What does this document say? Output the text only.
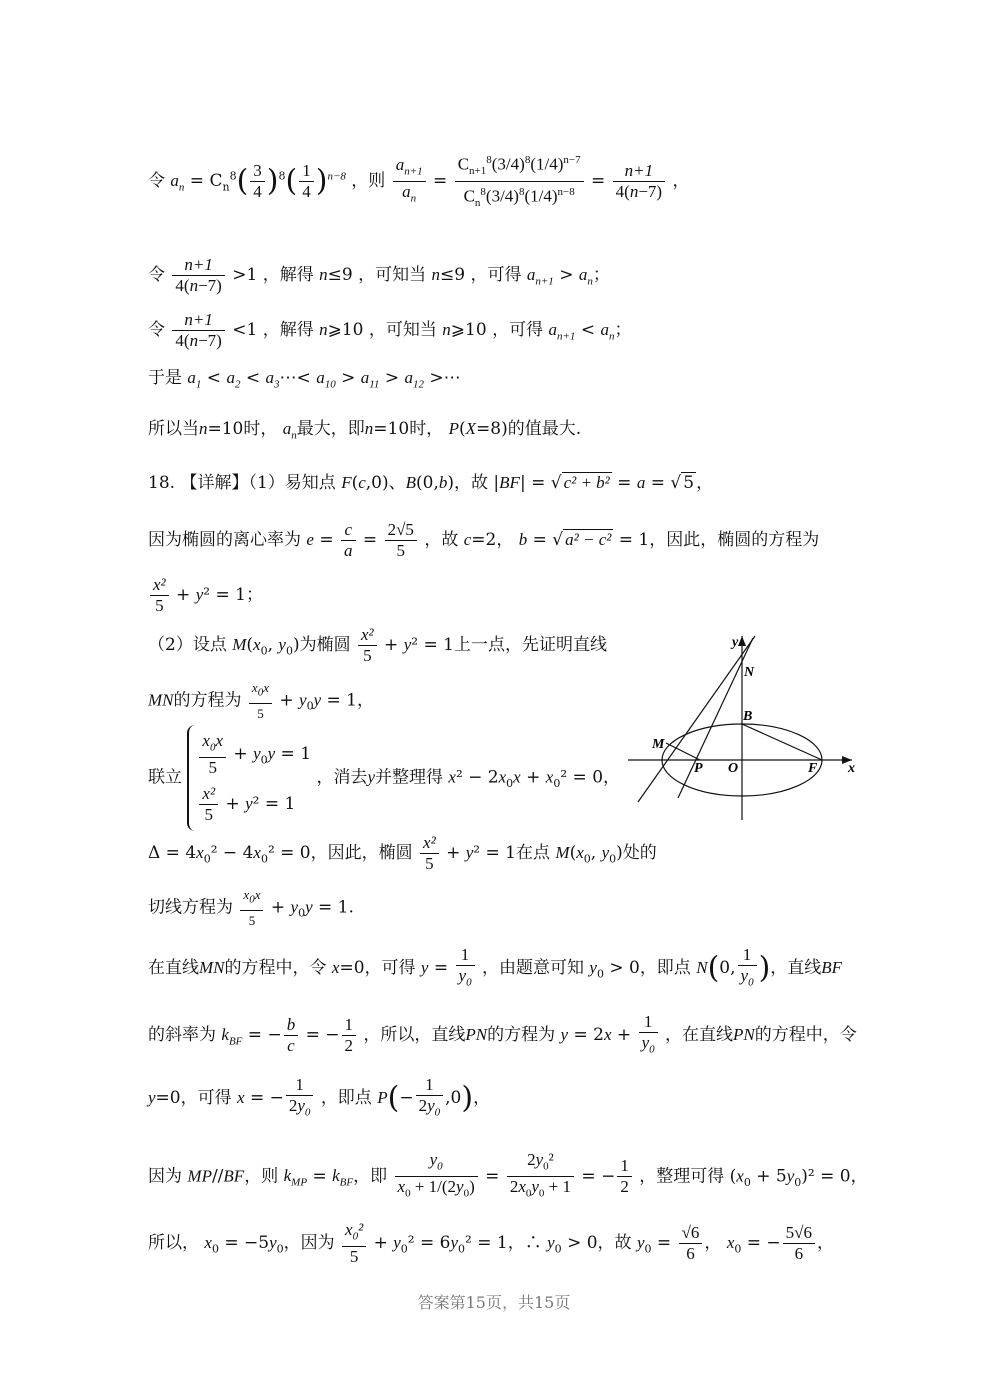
令 $a_n = C_n^8( \frac{3}{4} )^8( \frac{1}{4} )^{n-8}$ ，则 $\frac{a_{n+1}}{a_n} = \frac{C_{n+1}^8(3/4)^8(1/4)^{n-7}}{C_n^8(3/4)^8(1/4)^{n-8}} = \frac{n+1}{4(n-7)}$ ，
令 $\frac{n+1}{4(n-7)} >1$ ，解得 n≤9 ，可知当 n≤9 ，可得 $a_{n+1} > a_n$；
令 $\frac{n+1}{4(n-7)} <1$ ，解得 n⩾10 ，可知当 n⩾10 ，可得 $a_{n+1} < a_n$；
于是 $a_1 < a_2$ < $a_3\cdots< a_{10} > a_{11} > a_{12}$ >⋯
所以当n=10时， $a_n$最大，即n=10时， P(X=8)的值最大.
18. 【详解】（1）易知点 F(c,0)、B(0,b)，故 |BF| = √ c² + b² = a = √ 5 ，
因为椭圆的离心率为 $e = \frac{c}{a} = \frac{2√5}{5}$ ，故 c=2， b = √ a² − c² = 1，因此，椭圆的方程为
$\frac{\text{x²}}{5} + y^2 = 1$；
（2）设点 $M(x_0$, $y_0$)为椭圆 $\frac{\text{x²}}{5} + y^2 = 1$上一点，先证明直线
MN的方程为 $\frac{x_0x}{5} + y_0y = 1$，
联立 $\frac{x_0x}{5} + y_0y = 1$
$\frac{\text{x²}}{5} + y^2 = 1$
，消去y并整理得 $x^2 - 2x_0x + x_0^2 = 0$，
$\Delta = 4x_0^2 - 4x_0^2 = 0$，因此，椭圆 $\frac{\text{x²}}{5} + y^2 = 1$在点 $M(x_0$, $y_0$)处的
切线方程为 $\frac{x_0x}{5} + y_0y = 1$.
在直线MN的方程中，令 x=0，可得 $y = \frac{1}{y_0}$ ，由题意可知 $y_0 > 0$，即点 N(0, $\frac{1}{y_0}$ )，直线BF
的斜率为 $k_{BF}$ = − $\frac{b}{c}$ = − $\frac{1}{2}$ ，所以，直线PN的方程为 $y = 2x + \frac{1}{y_0}$ ，在直线PN的方程中，令
y=0，可得 x = − $\frac{1}{2y_0}$ ，即点 $P(- \frac{1}{2y_0} ,0)$，
因为 MP//BF，则 $k_{MP} = k_{BF}$，即 $\frac{y_0}{x_0 + 1/(2y_0)} = \frac{2y_0^2}{2x_0y_0 + 1}$ = − $\frac{1}{2}$ ，整理可得 $(x_0 + 5y_0)^2 = 0$，
所以， $x_0 = -5y_0$，因为 $\frac{x_0^2}{5} + y_0^2 = 6y_0^2 = 1$，∴ $y_0 > 0$，故 $y_0 = \frac{√6}{6}$ ， $x_0$ = − $\frac{5√6}{6}$ ，
y
x
N
B
M
P O	F
答案第15页，共15页
